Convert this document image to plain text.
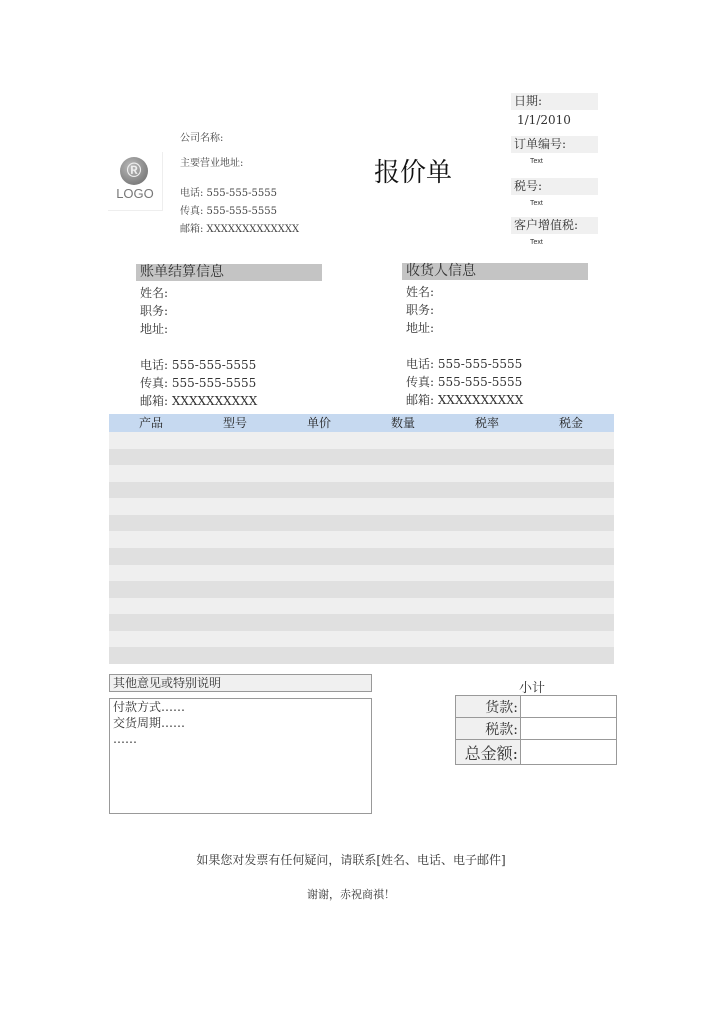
®
LOGO
公司名称:
主要营业地址:
电话: 555-555-5555
传真: 555-555-5555
邮箱: XXXXXXXXXXXXX
报价单
日期:
1/1/2010
订单编号:
Text
税号:
Text
客户增值税:
Text
账单结算信息
姓名:
职务:
地址:
电话: 555-555-5555
传真: 555-555-5555
邮箱: XXXXXXXXXX
收货人信息
姓名:
职务:
地址:
电话: 555-555-5555
传真: 555-555-5555
邮箱: XXXXXXXXXX
产品	型号	单价	数量	税率	税金
其他意见或特别说明
付款方式……
交货周期……
……
小计
货款:	
税款:	
总金额:	
如果您对发票有任何疑问，请联系[姓名、电话、电子邮件]
谢谢，赤祝商祺！
